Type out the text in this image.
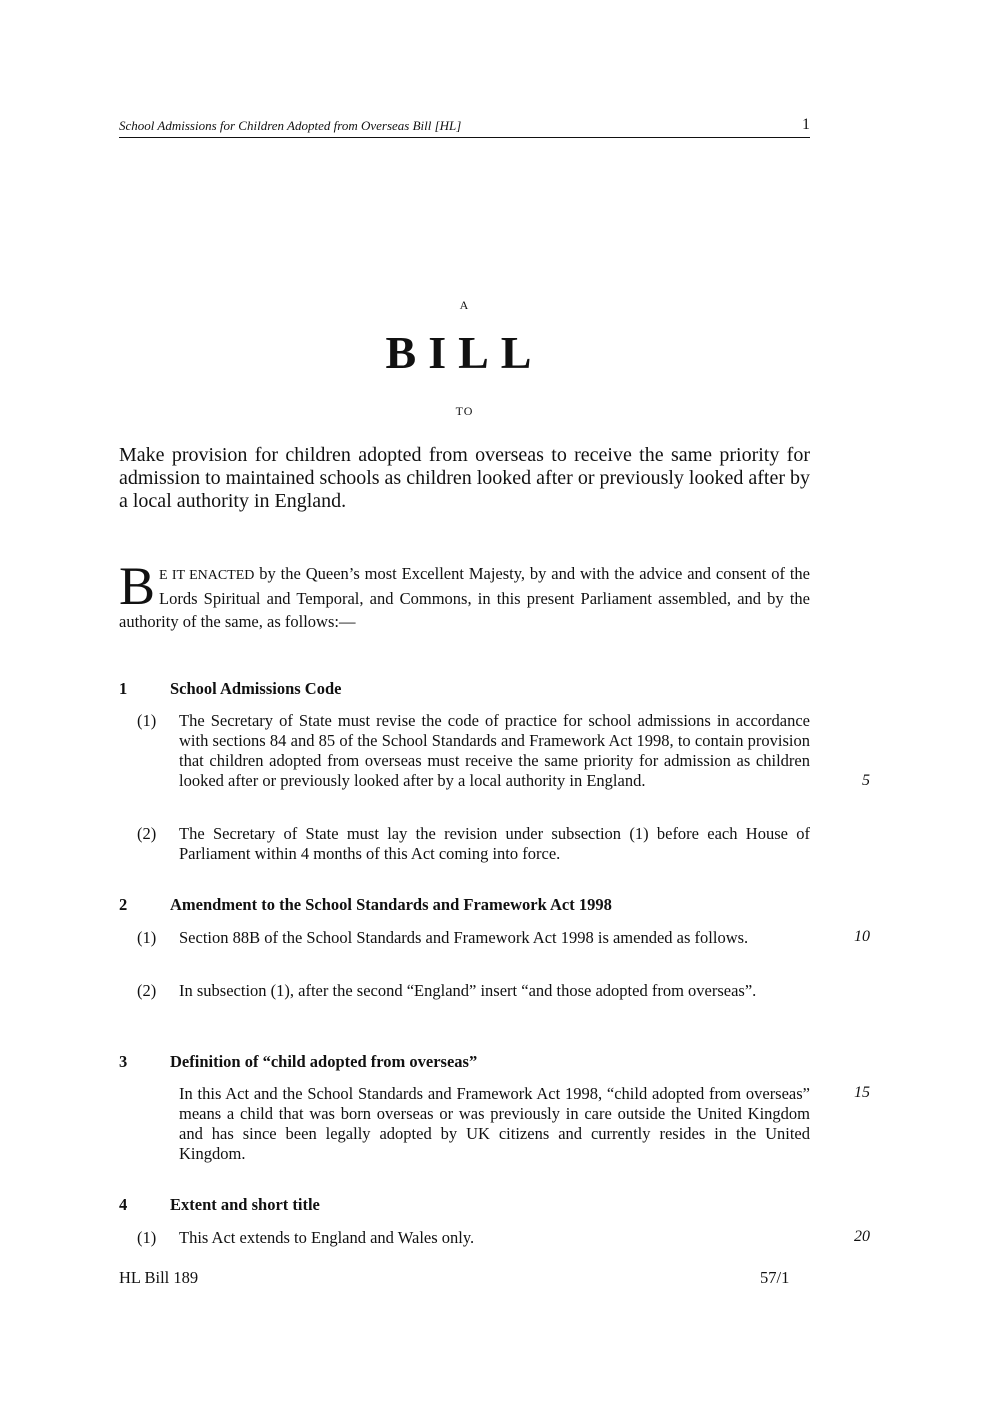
School Admissions for Children Adopted from Overseas Bill [HL]	1
A
BILL
TO
Make provision for children adopted from overseas to receive the same priority for admission to maintained schools as children looked after or previously looked after by a local authority in England.
B E IT ENACTED by the Queen’s most Excellent Majesty, by and with the advice and consent of the Lords Spiritual and Temporal, and Commons, in this present Parliament assembled, and by the authority of the same, as follows:—
1	School Admissions Code
(1) The Secretary of State must revise the code of practice for school admissions in accordance with sections 84 and 85 of the School Standards and Framework Act 1998, to contain provision that children adopted from overseas must receive the same priority for admission as children looked after or previously looked after by a local authority in England.	5
(2) The Secretary of State must lay the revision under subsection (1) before each House of Parliament within 4 months of this Act coming into force.
2	Amendment to the School Standards and Framework Act 1998
(1) Section 88B of the School Standards and Framework Act 1998 is amended as follows.	10
(2) In subsection (1), after the second “England” insert “and those adopted from overseas”.
3	Definition of “child adopted from overseas”
In this Act and the School Standards and Framework Act 1998, “child adopted from overseas” means a child that was born overseas or was previously in care outside the United Kingdom and has since been legally adopted by UK citizens and currently resides in the United Kingdom.
15
4	Extent and short title
(1) This Act extends to England and Wales only.	20
HL Bill 189	57/1
